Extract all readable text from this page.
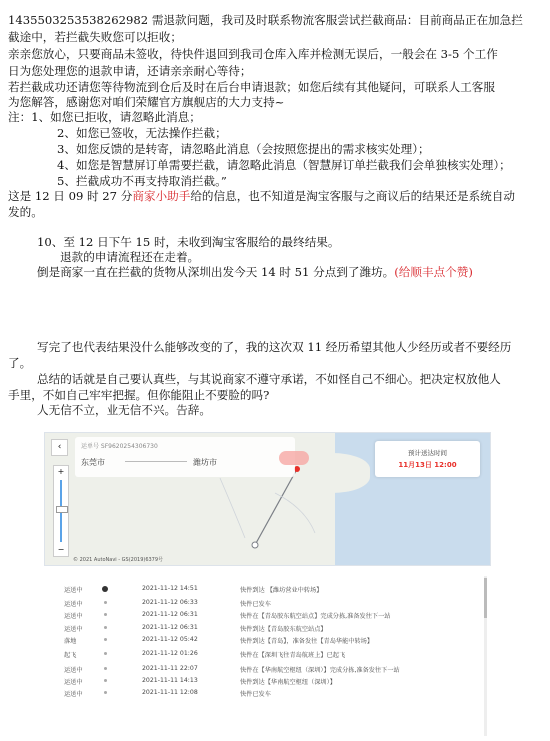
1435503253538262982 需退款问题，我司及时联系物流客服尝试拦截商品：目前商品正在加急拦

截途中，若拦截失败您可以拒收；

亲亲您放心，只要商品未签收，待快件退回到我司仓库入库并检测无误后，一般会在 3-5 个工作

日为您处理您的退款申请，还请亲亲耐心等待；

若拦截成功还请您等待物流到仓后及时在后台申请退款；如您后续有其他疑问，可联系人工客服

为您解答，感谢您对咱们荣耀官方旗舰店的大力支持~

注：1、如您已拒收，请忽略此消息；

2、如您已签收，无法操作拦截；

3、如您反馈的是转寄，请忽略此消息（会按照您提出的需求核实处理）；

4、如您是智慧屏订单需要拦截，请忽略此消息（智慧屏订单拦截我们会单独核实处理）；

5、拦截成功不再支持取消拦截。”

这是 12 日 09 时 27 分商家小助手给的信息，也不知道是淘宝客服与之商议后的结果还是系统自动

发的。

10、至 12 日下午 15 时，未收到淘宝客服给的最终结果。

退款的申请流程还在走着。

倒是商家一直在拦截的货物从深圳出发今天 14 时 51 分点到了潍坊。(给顺丰点个赞)

写完了也代表结果没什么能够改变的了，我的这次双 11 经历希望其他人少经历或者不要经历

了。

总结的话就是自己要认真些，与其说商家不遵守承诺，不如怪自己不细心。把决定权放他人

手里，不如自己牢牢把握。但你能阻止不要脸的吗?

人无信不立，业无信不兴。告辞。

‹	运单号 SF9620254306730
东莞市	潍坊市
预计送达时间
11月13日 12:00
+
−
© 2021 AutoNavi - GS(2019)6379号
运送中	2021-11-12 14:51	快件到达 【潍坊营业中转场】
运送中	2021-11-12 06:33	快件已发车
运送中	2021-11-12 06:31	快件在【青岛胶东航空站点】完成分拣,准备发往下一站
运送中	2021-11-12 06:31	快件到达【青岛胶东航空站点】
落地	2021-11-12 05:42	快件到达【青岛】，准备发往【青岛华能中转场】
起飞	2021-11-12 01:26	快件在【深圳飞往青岛航班上】已起飞
运送中	2021-11-11 22:07	快件在【华南航空枢纽（深圳）】完成分拣,准备发往下一站
运送中	2021-11-11 14:13	快件到达【华南航空枢纽（深圳）】
运送中	2021-11-11 12:08	快件已发车
